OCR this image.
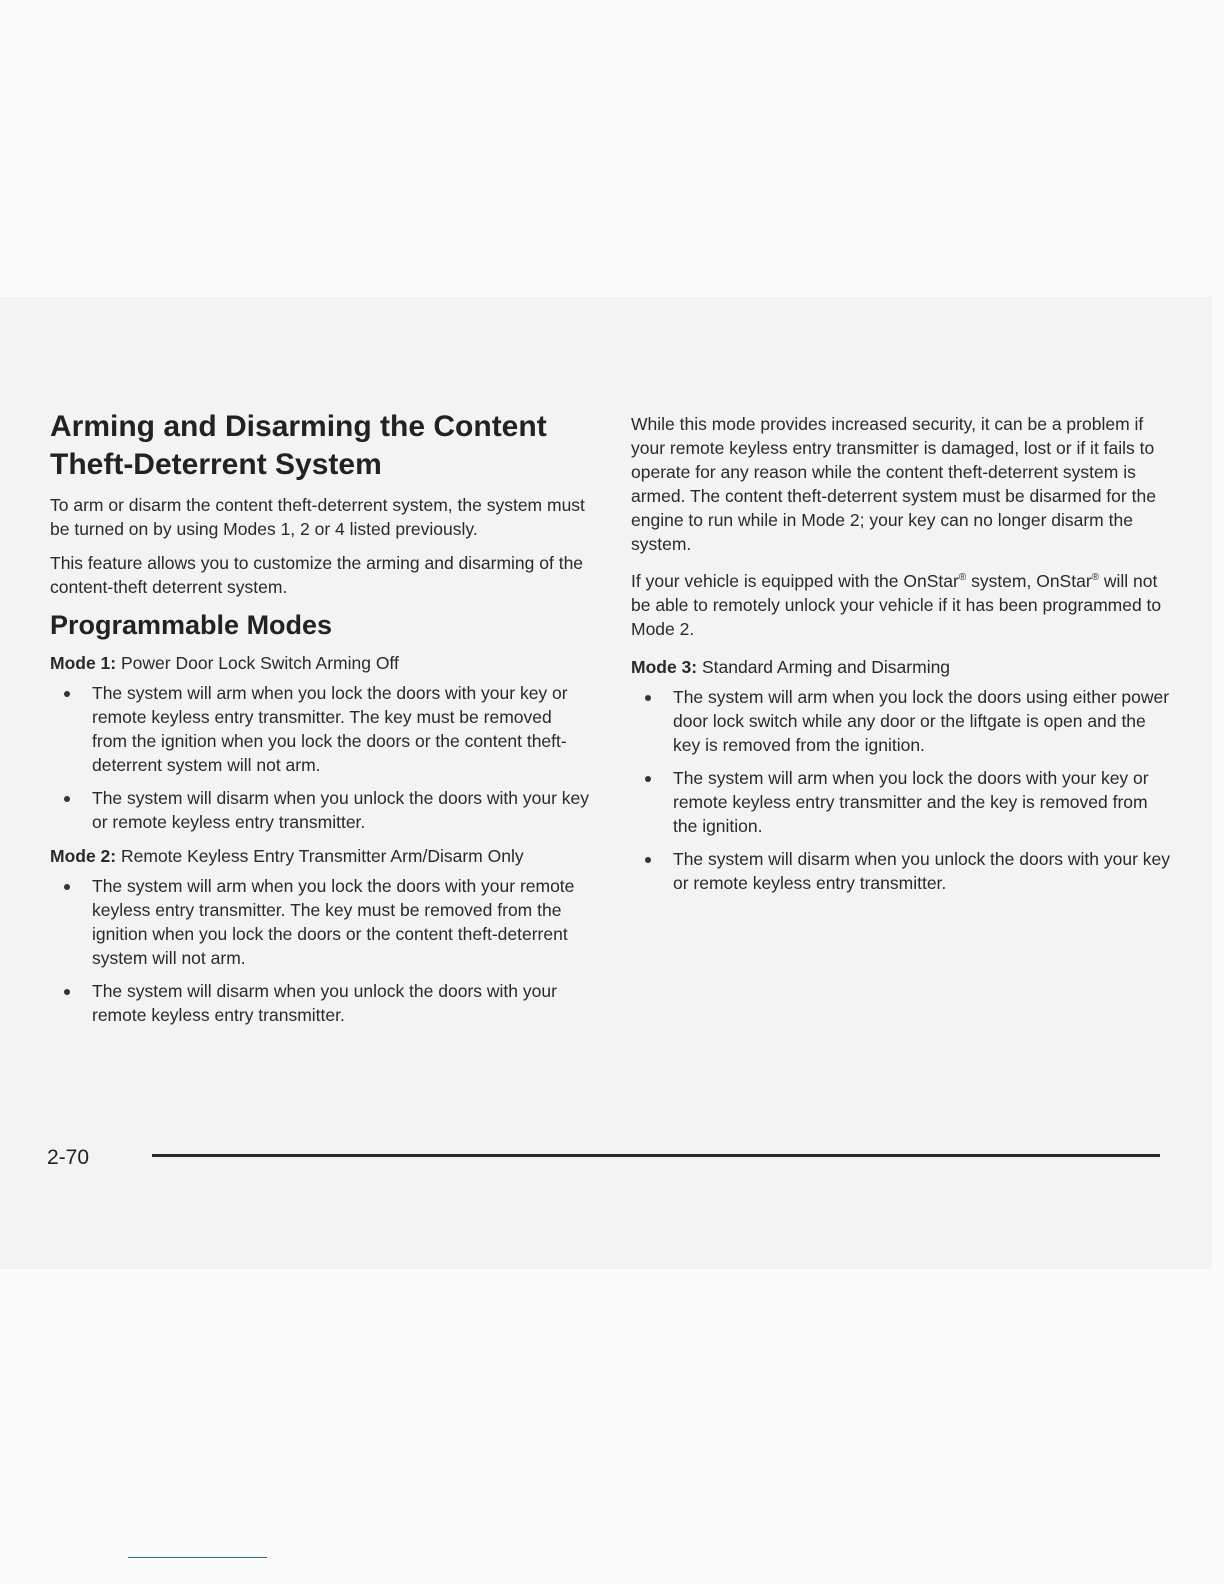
Arming and Disarming the Content Theft-Deterrent System

To arm or disarm the content theft-deterrent system, the system must be turned on by using Modes 1, 2 or 4 listed previously.

This feature allows you to customize the arming and disarming of the content-theft deterrent system.

Programmable Modes

Mode 1: Power Door Lock Switch Arming Off

The system will arm when you lock the doors with your key or remote keyless entry transmitter. The key must be removed from the ignition when you lock the doors or the content theft-deterrent system will not arm.
The system will disarm when you unlock the doors with your key or remote keyless entry transmitter.

Mode 2: Remote Keyless Entry Transmitter Arm/Disarm Only

The system will arm when you lock the doors with your remote keyless entry transmitter. The key must be removed from the ignition when you lock the doors or the content theft-deterrent system will not arm.
The system will disarm when you unlock the doors with your remote keyless entry transmitter.

While this mode provides increased security, it can be a problem if your remote keyless entry transmitter is damaged, lost or if it fails to operate for any reason while the content theft-deterrent system is armed. The content theft-deterrent system must be disarmed for the engine to run while in Mode 2; your key can no longer disarm the system.

If your vehicle is equipped with the OnStar® system, OnStar® will not be able to remotely unlock your vehicle if it has been programmed to Mode 2.

Mode 3: Standard Arming and Disarming

The system will arm when you lock the doors using either power door lock switch while any door or the liftgate is open and the key is removed from the ignition.
The system will arm when you lock the doors with your key or remote keyless entry transmitter and the key is removed from the ignition.
The system will disarm when you unlock the doors with your key or remote keyless entry transmitter.
2-70
